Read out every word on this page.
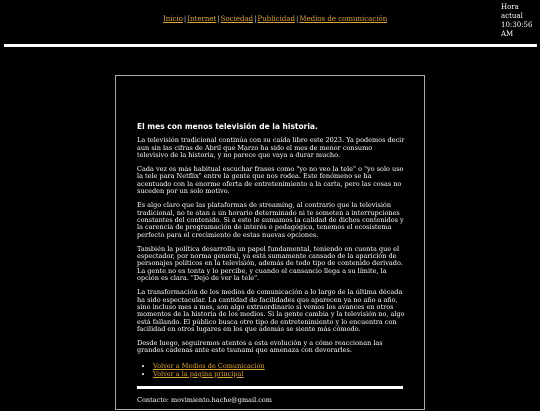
Hora actual
10:30:56 AM
Inicio|Internet|Sociedad|Publicidad|Medios de comunicación
El mes con menos televisión de la historia.

La televisión tradicional continúa con su caída libre este 2023. Ya podemos decir aun sin las cifras de Abril que Marzo ha sido el mes de menor consumo televisivo de la historia, y no parece que vaya a durar mucho.

Cada vez es más habitual escuchar frases como "yo no veo la tele" o "yo solo uso la tele para Netflix" entre la gente que nos rodea. Este fenómeno se ha acentuado con la enorme oferta de entretenimiento a la carta, pero las cosas no suceden por un solo motivo.

Es algo claro que las plataformas de streaming, al contrario que la televisión tradicional, no te atan a un horario determinado ni te someten a interrupciones constantes del contenido. Si a esto le sumamos la calidad de dichos contenidos y la carencia de programación de interés o pedagógica, tenemos el ecosistema perfecto para el crecimiento de estas nuevas opciones.

También la política desarrolla un papel fundamental, teniendo en cuenta que el espectador, por norma general, ya está sumamente cansado de la aparición de personajes políticos en la televisión, además de todo tipo de contenido derivado. La gente no es tonta y lo percibe, y cuando el cansancio llega a su límite, la opción es clara. "Dejo de ver la tele".

La transformación de los medios de comunicación a lo largo de la última década ha sido espectacular. La cantidad de facilidades que aparecen ya no año a año, sino incluso mes a mes, son algo extraordinario si vemos los avances en otros momentos de la historia de los medios. Si la gente cambia y la televisión no, algo está fallando. El público busca otro tipo de entretenimiento y lo encuentra con facilidad en otros lugares en los que además se siente más cómodo.

Desde luego, seguiremos atentos a esta evolución y a cómo reaccionan las grandes cadenas ante este tsunami que amenaza con devorarles.

• Volver a Medios de Comunicación
• Volver a la página principal

Contacto: movimiento.hache@gmail.com
